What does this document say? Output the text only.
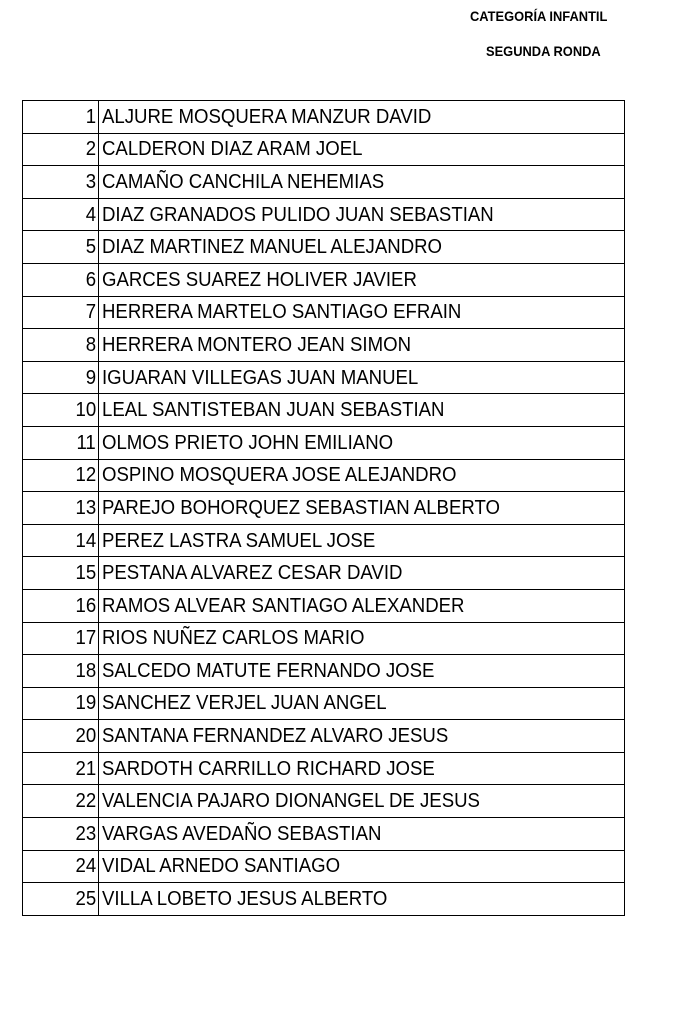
CATEGORÍA INFANTIL
SEGUNDA RONDA
1	ALJURE MOSQUERA MANZUR DAVID
2	CALDERON DIAZ ARAM JOEL
3	CAMAÑO CANCHILA NEHEMIAS
4	DIAZ GRANADOS PULIDO JUAN SEBASTIAN
5	DIAZ MARTINEZ MANUEL ALEJANDRO
6	GARCES SUAREZ HOLIVER JAVIER
7	HERRERA MARTELO SANTIAGO EFRAIN
8	HERRERA MONTERO JEAN SIMON
9	IGUARAN VILLEGAS JUAN MANUEL
10	LEAL SANTISTEBAN JUAN SEBASTIAN
11	OLMOS PRIETO JOHN EMILIANO
12	OSPINO MOSQUERA JOSE ALEJANDRO
13	PAREJO BOHORQUEZ SEBASTIAN ALBERTO
14	PEREZ LASTRA SAMUEL JOSE
15	PESTANA ALVAREZ CESAR DAVID
16	RAMOS ALVEAR SANTIAGO ALEXANDER
17	RIOS NUÑEZ CARLOS MARIO
18	SALCEDO MATUTE FERNANDO JOSE
19	SANCHEZ VERJEL JUAN ANGEL
20	SANTANA FERNANDEZ ALVARO JESUS
21	SARDOTH CARRILLO RICHARD JOSE
22	VALENCIA PAJARO DIONANGEL DE JESUS
23	VARGAS AVEDAÑO SEBASTIAN
24	VIDAL ARNEDO SANTIAGO
25	VILLA LOBETO JESUS ALBERTO
